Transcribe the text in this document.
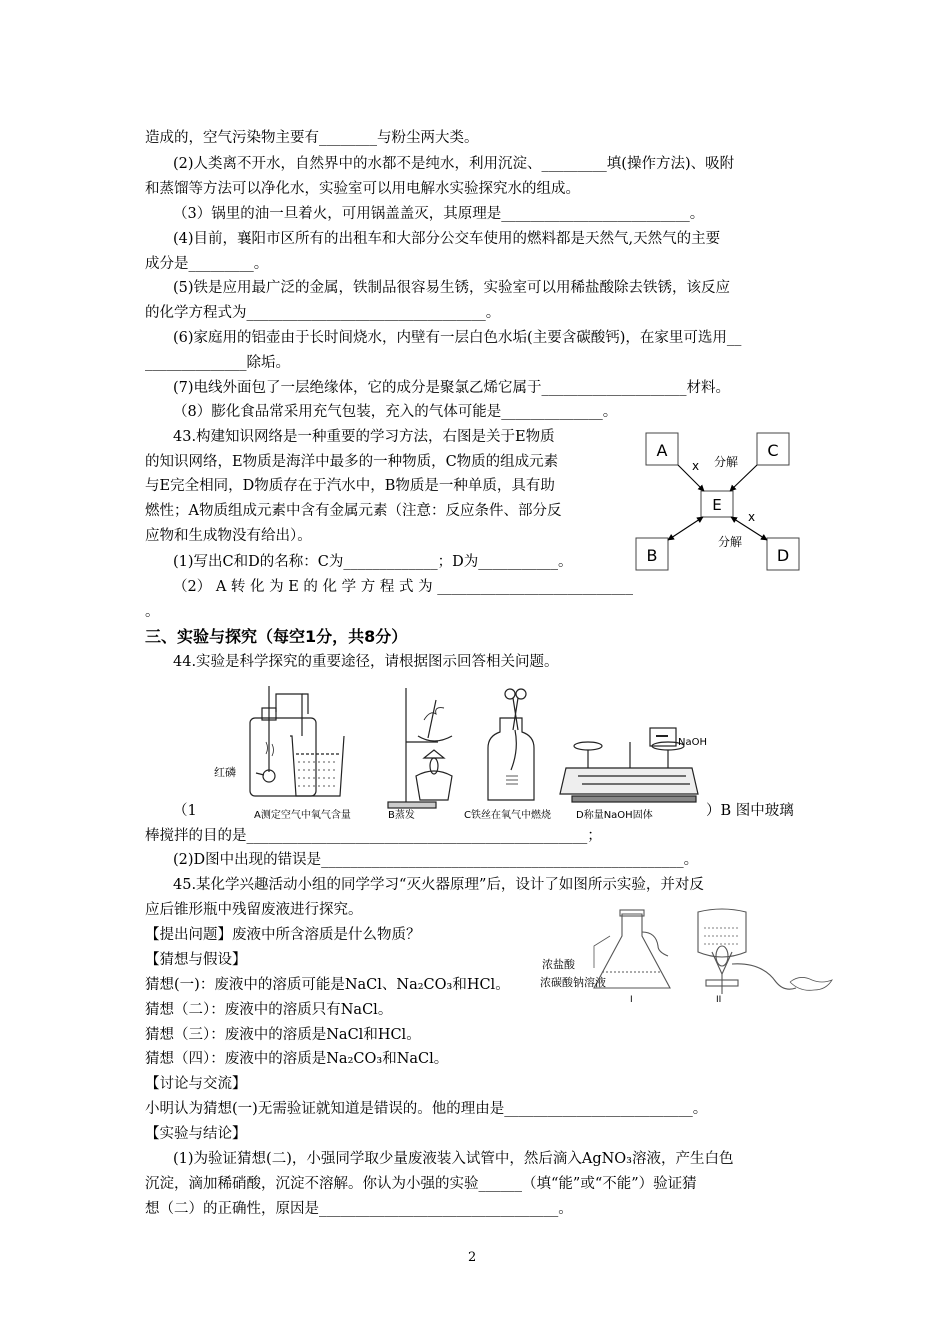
造成的，空气污染物主要有________与粉尘两大类。
(2)人类离不开水，自然界中的水都不是纯水，利用沉淀、_________填(操作方法)、吸附
和蒸馏等方法可以净化水，实验室可以用电解水实验探究水的组成。
（3）锅里的油一旦着火，可用锅盖盖灭，其原理是__________________________。
(4)目前，襄阳市区所有的出租车和大部分公交车使用的燃料都是天然气,天然气的主要
成分是_________。
(5)铁是应用最广泛的金属，铁制品很容易生锈，实验室可以用稀盐酸除去铁锈，该反应
的化学方程式为_________________________________。
(6)家庭用的铝壶由于长时间烧水，内壁有一层白色水垢(主要含碳酸钙)，在家里可选用__
______________除垢。
(7)电线外面包了一层绝缘体，它的成分是聚氯乙烯它属于____________________材料。
（8）膨化食品常采用充气包装，充入的气体可能是______________。
43.构建知识网络是一种重要的学习方法，右图是关于E物质
的知识网络，E物质是海洋中最多的一种物质，C物质的组成元素
与E完全相同，D物质存在于汽水中，B物质是一种单质，具有助
燃性；A物质组成元素中含有金属元素（注意：反应条件、部分反
应物和生成物没有给出）。
(1)写出C和D的名称：C为_____________；D为___________。
（2） A 转 化 为 E 的 化 学 方 程 式 为 ___________________________
。
三、实验与探究（每空1分，共8分）
44.实验是科学探究的重要途径，请根据图示回答相关问题。
A	C
E
B	D
x 分解
x
分解
红磷
NaOH
A测定空气中氧气含量	B蒸发	C铁丝在氧气中燃烧	D称量NaOH固体
（1	）B 图中玻璃
棒搅拌的目的是_______________________________________________；
(2)D图中出现的错误是__________________________________________________。
45.某化学兴趣活动小组的同学学习“灭火器原理”后，设计了如图所示实验，并对反
应后锥形瓶中残留废液进行探究。
【提出问题】废液中所含溶质是什么物质？
【猜想与假设】
猜想(一)：废液中的溶质可能是NaCl、Na₂CO₃和HCl。
猜想（二）：废液中的溶质只有NaCl。
猜想（三）：废液中的溶质是NaCl和HCl。
猜想（四）：废液中的溶质是Na₂CO₃和NaCl。
【讨论与交流】
小明认为猜想(一)无需验证就知道是错误的。他的理由是__________________________。
【实验与结论】
(1)为验证猜想(二)，小强同学取少量废液装入试管中，然后滴入AgNO₃溶液，产生白色
沉淀，滴加稀硝酸，沉淀不溶解。你认为小强的实验______（填“能”或“不能”）验证猜
想（二）的正确性，原因是_________________________________。
浓盐酸
浓碳酸钠溶液
I	II
2
